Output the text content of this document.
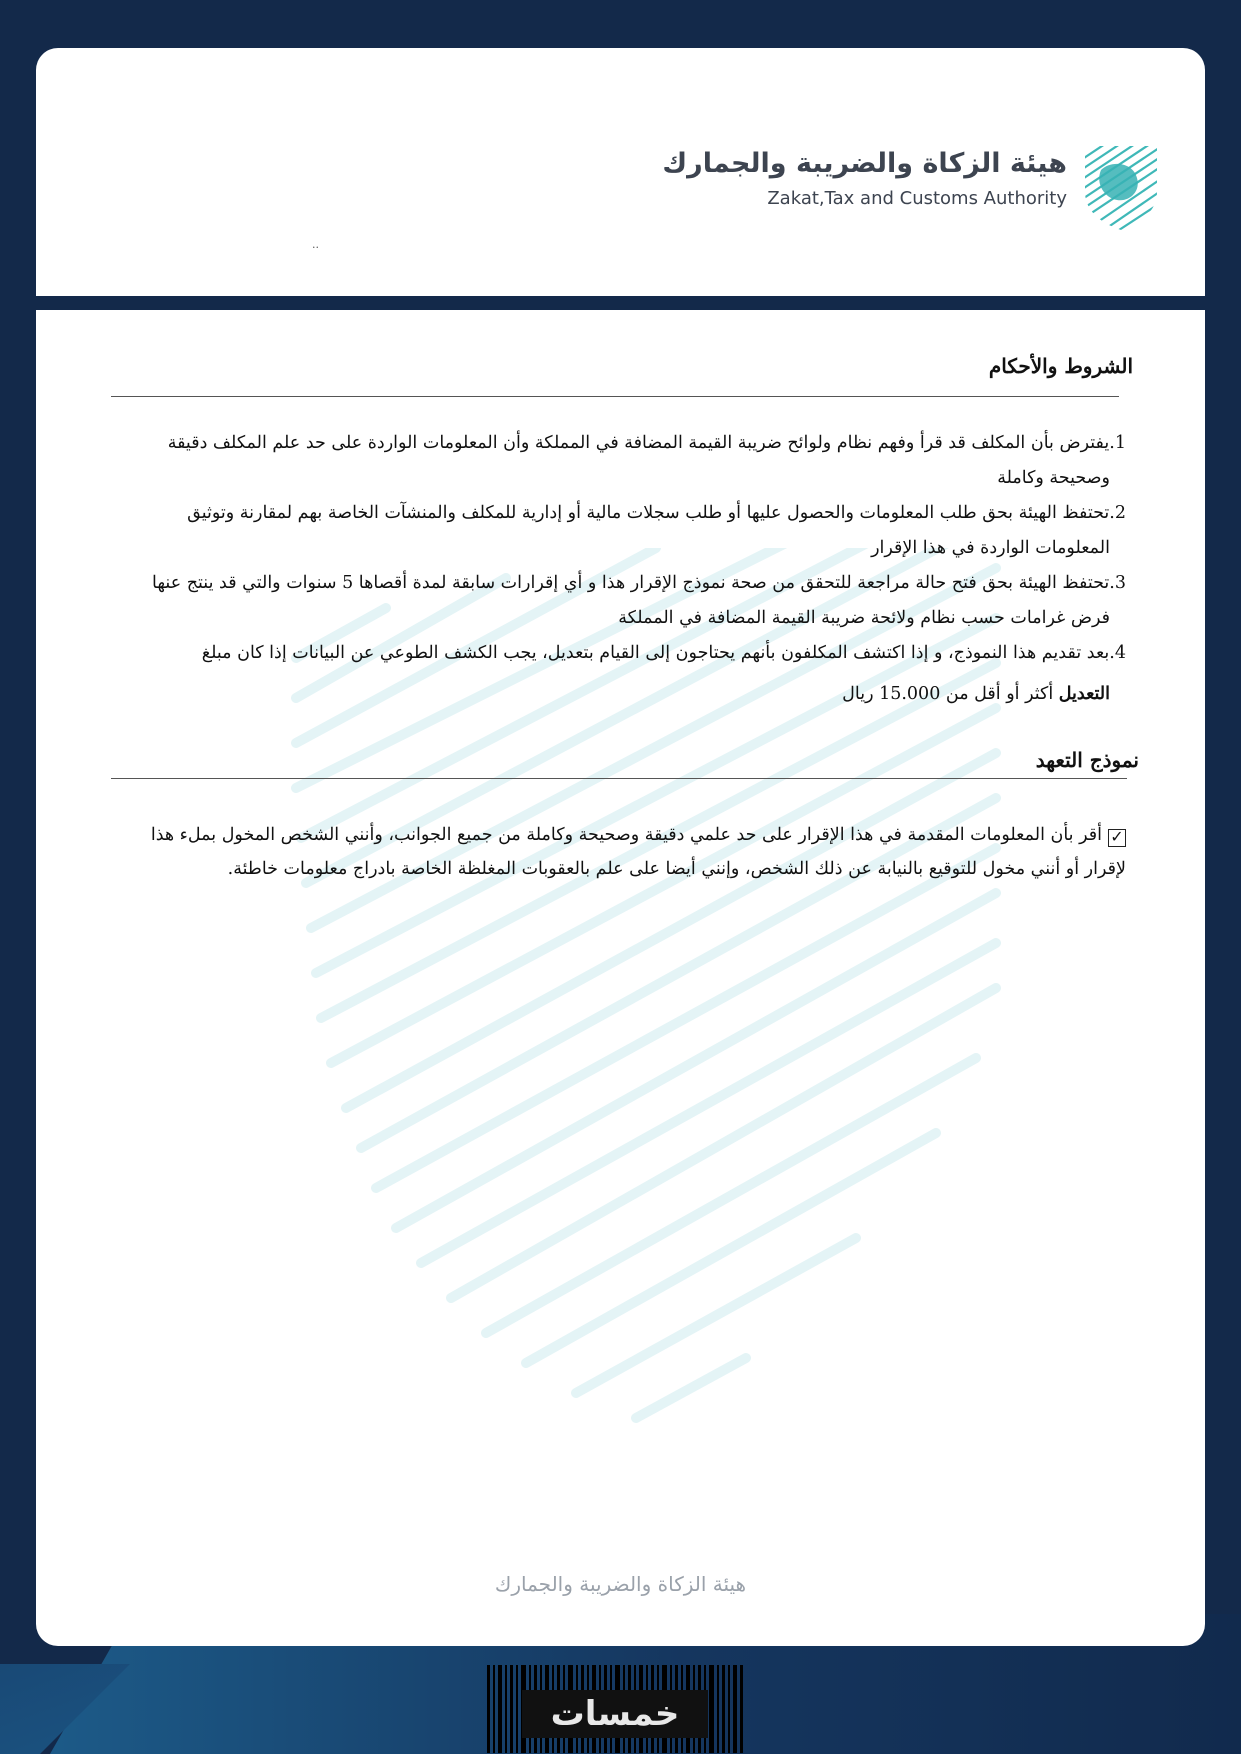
هيئة الزكاة والضريبة والجمارك
Zakat,Tax and Customs Authority
..
الشروط والأحكام
1.يفترض بأن المكلف قد قرأ وفهم نظام ولوائح ضريبة القيمة المضافة في المملكة وأن المعلومات الواردة على حد علم المكلف دقيقة
وصحيحة وكاملة
2.تحتفظ الهيئة بحق طلب المعلومات والحصول عليها أو طلب سجلات مالية أو إدارية للمكلف والمنشآت الخاصة بهم لمقارنة وتوثيق
المعلومات الواردة في هذا الإقرار
3.تحتفظ الهيئة بحق فتح حالة مراجعة للتحقق من صحة نموذج الإقرار هذا و أي إقرارات سابقة لمدة أقصاها 5 سنوات والتي قد ينتج عنها
فرض غرامات حسب نظام ولائحة ضريبة القيمة المضافة في المملكة
4.بعد تقديم هذا النموذج، و إذا اكتشف المكلفون بأنهم يحتاجون إلى القيام بتعديل، يجب الكشف الطوعي عن البيانات إذا كان مبلغ
التعديل أكثر أو أقل من 15.000 ريال
نموذج التعهد
✓أقر بأن المعلومات المقدمة في هذا الإقرار على حد علمي دقيقة وصحيحة وكاملة من جميع الجوانب، وأنني الشخص المخول بملء هذا لإقرار أو أنني مخول للتوقيع بالنيابة عن ذلك الشخص، وإنني أيضا على علم بالعقوبات المغلظة الخاصة بادراج معلومات خاطئة.
هيئة الزكاة والضريبة والجمارك
خمسات
